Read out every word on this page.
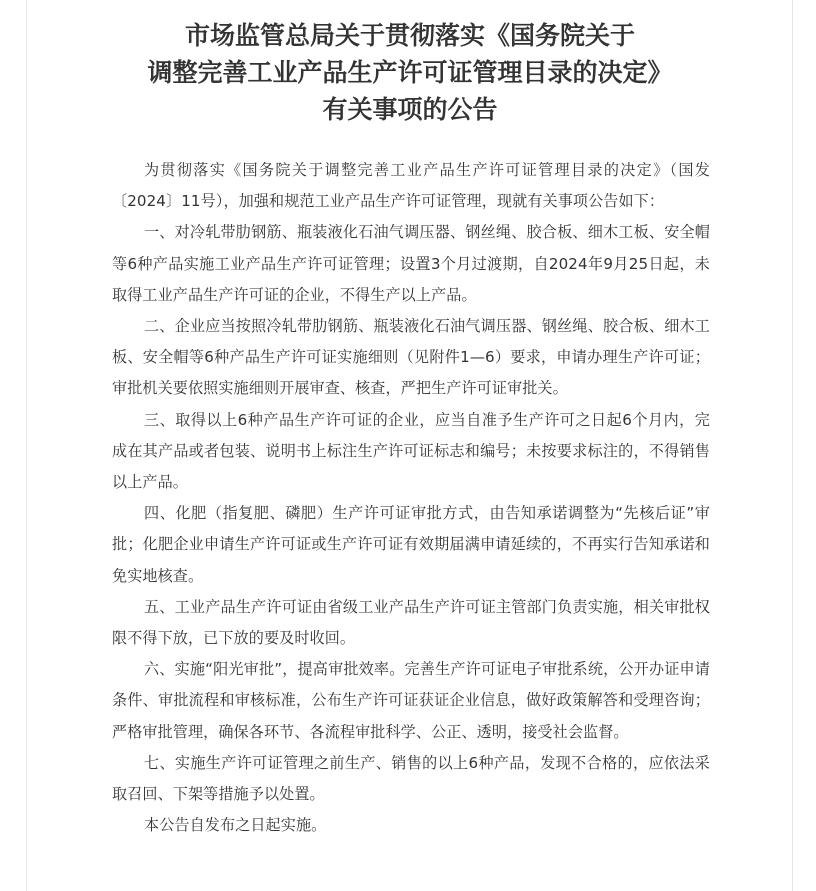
市场监管总局关于贯彻落实《国务院关于
调整完善工业产品生产许可证管理目录的决定》
有关事项的公告

为贯彻落实《国务院关于调整完善工业产品生产许可证管理目录的决定》（国发〔2024〕11号），加强和规范工业产品生产许可证管理，现就有关事项公告如下：

一、对冷轧带肋钢筋、瓶装液化石油气调压器、钢丝绳、胶合板、细木工板、安全帽等6种产品实施工业产品生产许可证管理；设置3个月过渡期，自2024年9月25日起，未取得工业产品生产许可证的企业，不得生产以上产品。

二、企业应当按照冷轧带肋钢筋、瓶装液化石油气调压器、钢丝绳、胶合板、细木工板、安全帽等6种产品生产许可证实施细则（见附件1—6）要求，申请办理生产许可证；审批机关要依照实施细则开展审查、核查，严把生产许可证审批关。

三、取得以上6种产品生产许可证的企业，应当自准予生产许可之日起6个月内，完成在其产品或者包装、说明书上标注生产许可证标志和编号；未按要求标注的，不得销售以上产品。

四、化肥（指复肥、磷肥）生产许可证审批方式，由告知承诺调整为“先核后证”审批；化肥企业申请生产许可证或生产许可证有效期届满申请延续的，不再实行告知承诺和免实地核查。

五、工业产品生产许可证由省级工业产品生产许可证主管部门负责实施，相关审批权限不得下放，已下放的要及时收回。

六、实施“阳光审批”，提高审批效率。完善生产许可证电子审批系统，公开办证申请条件、审批流程和审核标准，公布生产许可证获证企业信息，做好政策解答和受理咨询；严格审批管理，确保各环节、各流程审批科学、公正、透明，接受社会监督。

七、实施生产许可证管理之前生产、销售的以上6种产品，发现不合格的，应依法采取召回、下架等措施予以处置。

本公告自发布之日起实施。
